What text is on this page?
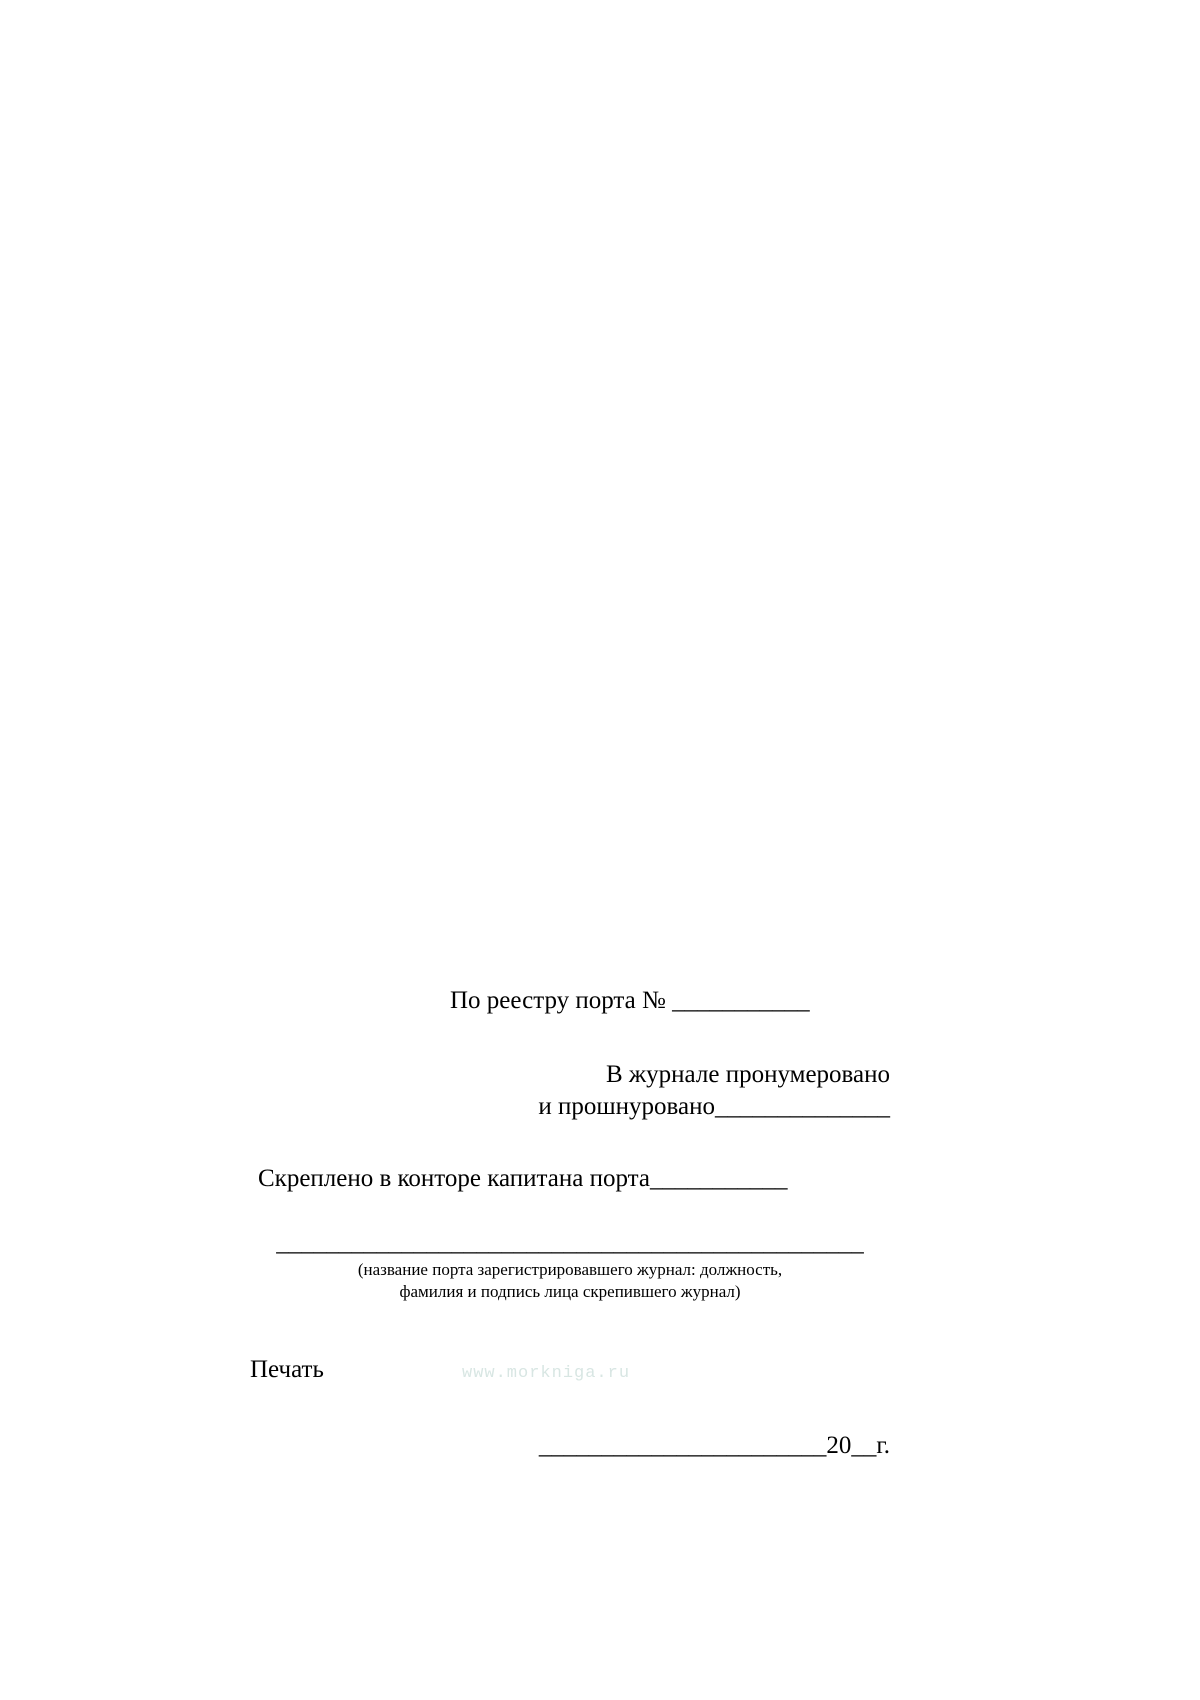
По реестру порта № ___________
В журнале пронумеровано
и прошнуровано______________
Скреплено в конторе капитана порта___________
_______________________________________________
(название порта зарегистрировавшего журнал: должность,
фамилия и подпись лица скрепившего журнал)
Печать	www.morkniga.ru
_______________________20__г.
